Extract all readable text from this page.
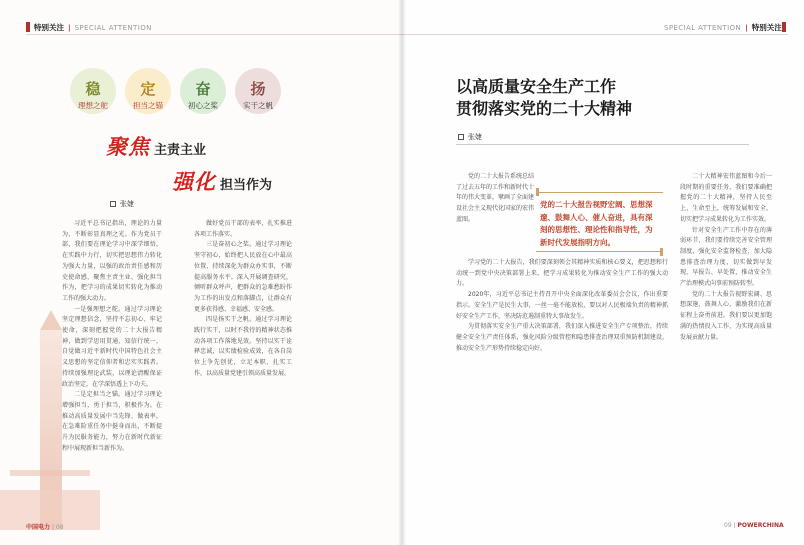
特别关注 | SPECIAL ATTENTION
稳
理想之舵
定
担当之锚
奋
初心之桨
扬
实干之帆
聚焦 主责主业
强化 担当作为
张婕

习近平总书记指出，理论的力量为，不断彰显真理之光。作为党员干部，我们要在理论学习中深学细悟，在实践中力行，切实把思想伟力转化为强大力量，以强的政治责任感和历史使命感，聚焦主责主业、强化担当作为，把学习的成果切实转化为推动工作的强大动力。

一是强理想之舵。通过学习理论坚定理想信念，坚持不忘初心、牢记使命，深刻把握党的二十大报告精神，做到学思用贯通、知信行统一，自觉做习近平新时代中国特色社会主义思想的坚定信仰者和忠实实践者。持续加强理论武装，以理论清醒保证政治坚定，在学深悟透上下功夫。

二是定担当之锚。通过学习理论增强担当，勇于担当，积极作为。在推动高质量发展中当先锋、做表率，在急难险重任务中挺身而出，不断提升为民服务能力，努力在新时代新征程中展现新担当新作为。

做好党员干部的表率，扎实推进各项工作落实。

三是奋初心之桨。通过学习理论坚守初心，始终把人民放在心中最高位置，持续深化为群众办实事，不断提高服务水平。深入开展调查研究，倾听群众呼声，把群众的急难愁盼作为工作的出发点和落脚点，让群众有更多获得感、幸福感、安全感。

四是扬实干之帆。通过学习理论践行实干，以时不我待的精神状态推动各项工作落地见效。坚持以实干诠释忠诚，以实绩检验成效，在各自岗位上争先创优，立足本职、扎实工作，以高质量党建引领高质量发展。

中国电力 | 08
SPECIAL ATTENTION | 特别关注
以高质量安全生产工作
贯彻落实党的二十大精神
张婕

党的二十大报告系统总结了过去五年的工作和新时代十年的伟大变革，擘画了全面建设社会主义现代化国家的宏伟蓝图。

党的二十大报告视野宏阔、思想深邃、鼓舞人心、催人奋进，具有深刻的思想性、理论性和指导性，为新时代发展指明方向。

学习党的二十大报告，我们要深刻领会其精神实质和核心要义，把思想和行动统一到党中央决策部署上来，把学习成果转化为推动安全生产工作的强大动力。

2020年，习近平总书记主持召开中央全面深化改革委员会会议，作出重要指示。安全生产是民生大事，一丝一毫不能放松，要以对人民极端负责的精神抓好安全生产工作，坚决防范遏制重特大事故发生。

为贯彻落实安全生产重大决策部署，我们深入推进安全生产专项整治，持续健全安全生产责任体系，强化风险分级管控和隐患排查治理双重预防机制建设，推动安全生产形势持续稳定向好。

二十大精神宏伟蓝图和今后一段时期的重要任务，我们要准确把握党的二十大精神，坚持人民至上、生命至上，统筹发展和安全，切实把学习成果转化为工作实效。

针对安全生产工作中存在的薄弱环节，我们要持续完善安全管理制度，强化安全监督检查，加大隐患排查治理力度，切实做到早发现、早报告、早处置，推动安全生产治理模式向事前预防转型。

党的二十大报告视野宏阔、思想深邃、鼓舞人心，激励我们在新征程上奋勇前进。我们要以更加饱满的热情投入工作，为实现高质量发展贡献力量。

09 | POWERCHINA
